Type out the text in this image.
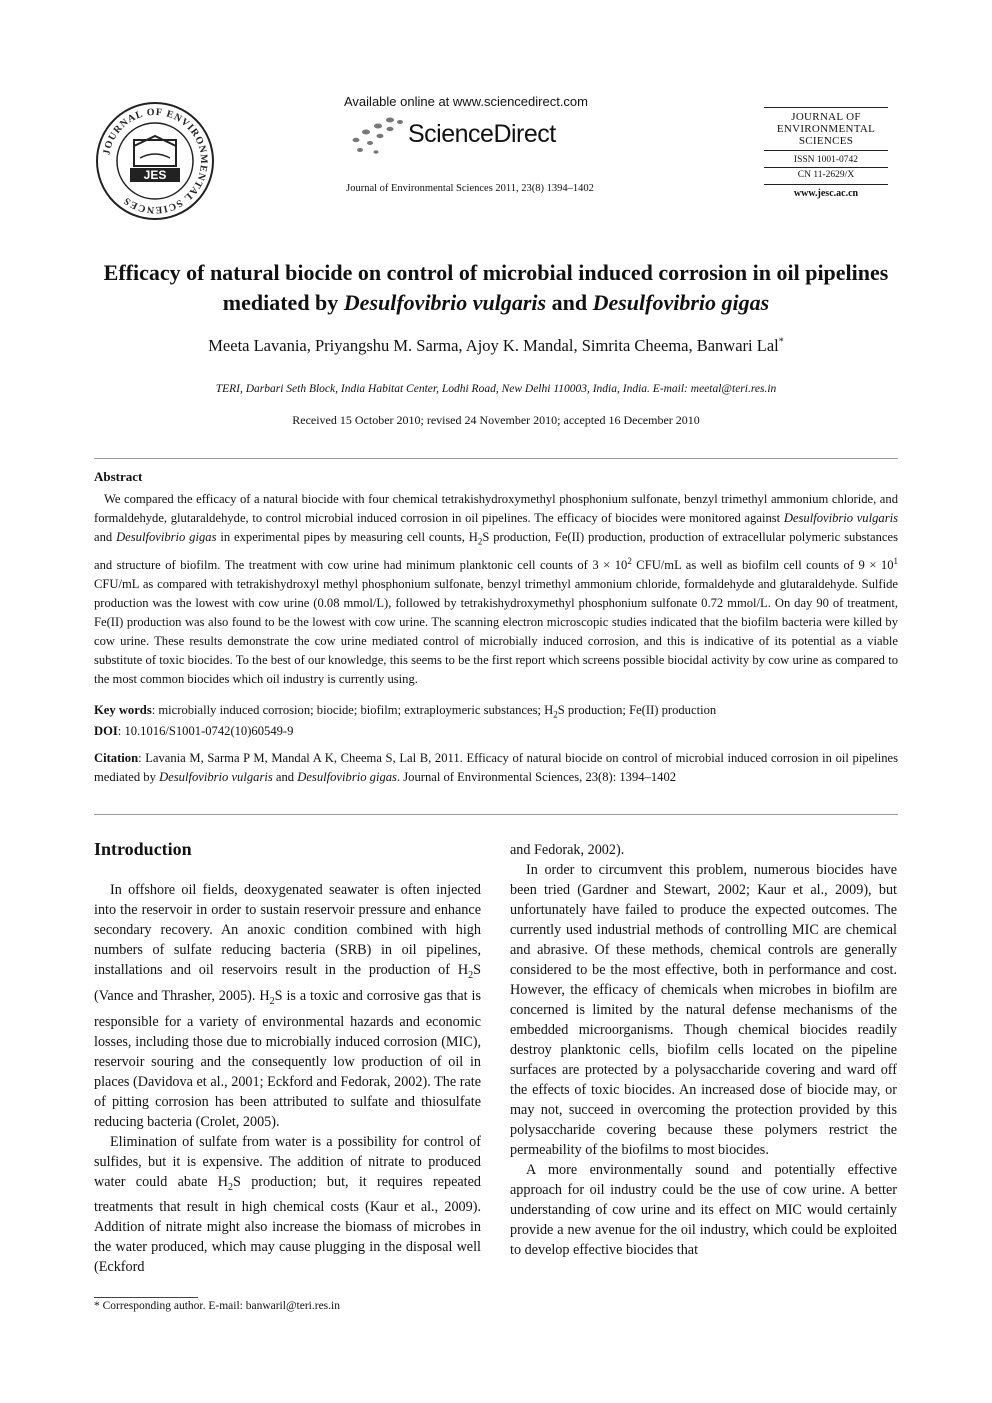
JOURNAL OF ENVIRONMENTAL SCIENCES
JES
Available online at www.sciencedirect.com
ScienceDirect
Journal of Environmental Sciences 2011, 23(8) 1394–1402
JOURNAL OF
ENVIRONMENTAL
SCIENCES
ISSN 1001-0742
CN 11-2629/X
www.jesc.ac.cn
Efficacy of natural biocide on control of microbial induced corrosion in oil pipelines mediated by Desulfovibrio vulgaris and Desulfovibrio gigas
Meeta Lavania, Priyangshu M. Sarma, Ajoy K. Mandal, Simrita Cheema, Banwari Lal*
TERI, Darbari Seth Block, India Habitat Center, Lodhi Road, New Delhi 110003, India, India. E-mail: meetal@teri.res.in
Received 15 October 2010; revised 24 November 2010; accepted 16 December 2010
Abstract
We compared the efficacy of a natural biocide with four chemical tetrakishydroxymethyl phosphonium sulfonate, benzyl trimethyl ammonium chloride, and formaldehyde, glutaraldehyde, to control microbial induced corrosion in oil pipelines. The efficacy of biocides were monitored against Desulfovibrio vulgaris and Desulfovibrio gigas in experimental pipes by measuring cell counts, $H_2S$ production, Fe(II) production, production of extracellular polymeric substances and structure of biofilm. The treatment with cow urine had minimum planktonic cell counts of $3 \times 10^2$ CFU/mL as well as biofilm cell counts of $9 \times 10^1$ CFU/mL as compared with tetrakishydroxyl methyl phosphonium sulfonate, benzyl trimethyl ammonium chloride, formaldehyde and glutaraldehyde. Sulfide production was the lowest with cow urine (0.08 mmol/L), followed by tetrakishydroxymethyl phosphonium sulfonate 0.72 mmol/L. On day 90 of treatment, Fe(II) production was also found to be the lowest with cow urine. The scanning electron microscopic studies indicated that the biofilm bacteria were killed by cow urine. These results demonstrate the cow urine mediated control of microbially induced corrosion, and this is indicative of its potential as a viable substitute of toxic biocides. To the best of our knowledge, this seems to be the first report which screens possible biocidal activity by cow urine as compared to the most common biocides which oil industry is currently using.
Key words: microbially induced corrosion; biocide; biofilm; extraploymeric substances; $H_2S$ production; Fe(II) production
DOI: 10.1016/S1001-0742(10)60549-9
Citation: Lavania M, Sarma P M, Mandal A K, Cheema S, Lal B, 2011. Efficacy of natural biocide on control of microbial induced corrosion in oil pipelines mediated by Desulfovibrio vulgaris and Desulfovibrio gigas. Journal of Environmental Sciences, 23(8): 1394–1402
Introduction

In offshore oil fields, deoxygenated seawater is often injected into the reservoir in order to sustain reservoir pressure and enhance secondary recovery. An anoxic condition combined with high numbers of sulfate reducing bacteria (SRB) in oil pipelines, installations and oil reservoirs result in the production of $H_2S$ (Vance and Thrasher, 2005). $H_2S$ is a toxic and corrosive gas that is responsible for a variety of environmental hazards and economic losses, including those due to microbially induced corrosion (MIC), reservoir souring and the consequently low production of oil in places (Davidova et al., 2001; Eckford and Fedorak, 2002). The rate of pitting corrosion has been attributed to sulfate and thiosulfate reducing bacteria (Crolet, 2005).

Elimination of sulfate from water is a possibility for control of sulfides, but it is expensive. The addition of nitrate to produced water could abate $H_2S$ production; but, it requires repeated treatments that result in high chemical costs (Kaur et al., 2009). Addition of nitrate might also increase the biomass of microbes in the water produced, which may cause plugging in the disposal well (Eckford

and Fedorak, 2002).

In order to circumvent this problem, numerous biocides have been tried (Gardner and Stewart, 2002; Kaur et al., 2009), but unfortunately have failed to produce the expected outcomes. The currently used industrial methods of controlling MIC are chemical and abrasive. Of these methods, chemical controls are generally considered to be the most effective, both in performance and cost. However, the efficacy of chemicals when microbes in biofilm are concerned is limited by the natural defense mechanisms of the embedded microorganisms. Though chemical biocides readily destroy planktonic cells, biofilm cells located on the pipeline surfaces are protected by a polysaccharide covering and ward off the effects of toxic biocides. An increased dose of biocide may, or may not, succeed in overcoming the protection provided by this polysaccharide covering because these polymers restrict the permeability of the biofilms to most biocides.

A more environmentally sound and potentially effective approach for oil industry could be the use of cow urine. A better understanding of cow urine and its effect on MIC would certainly provide a new avenue for the oil industry, which could be exploited to develop effective biocides that

* Corresponding author. E-mail: banwaril@teri.res.in
